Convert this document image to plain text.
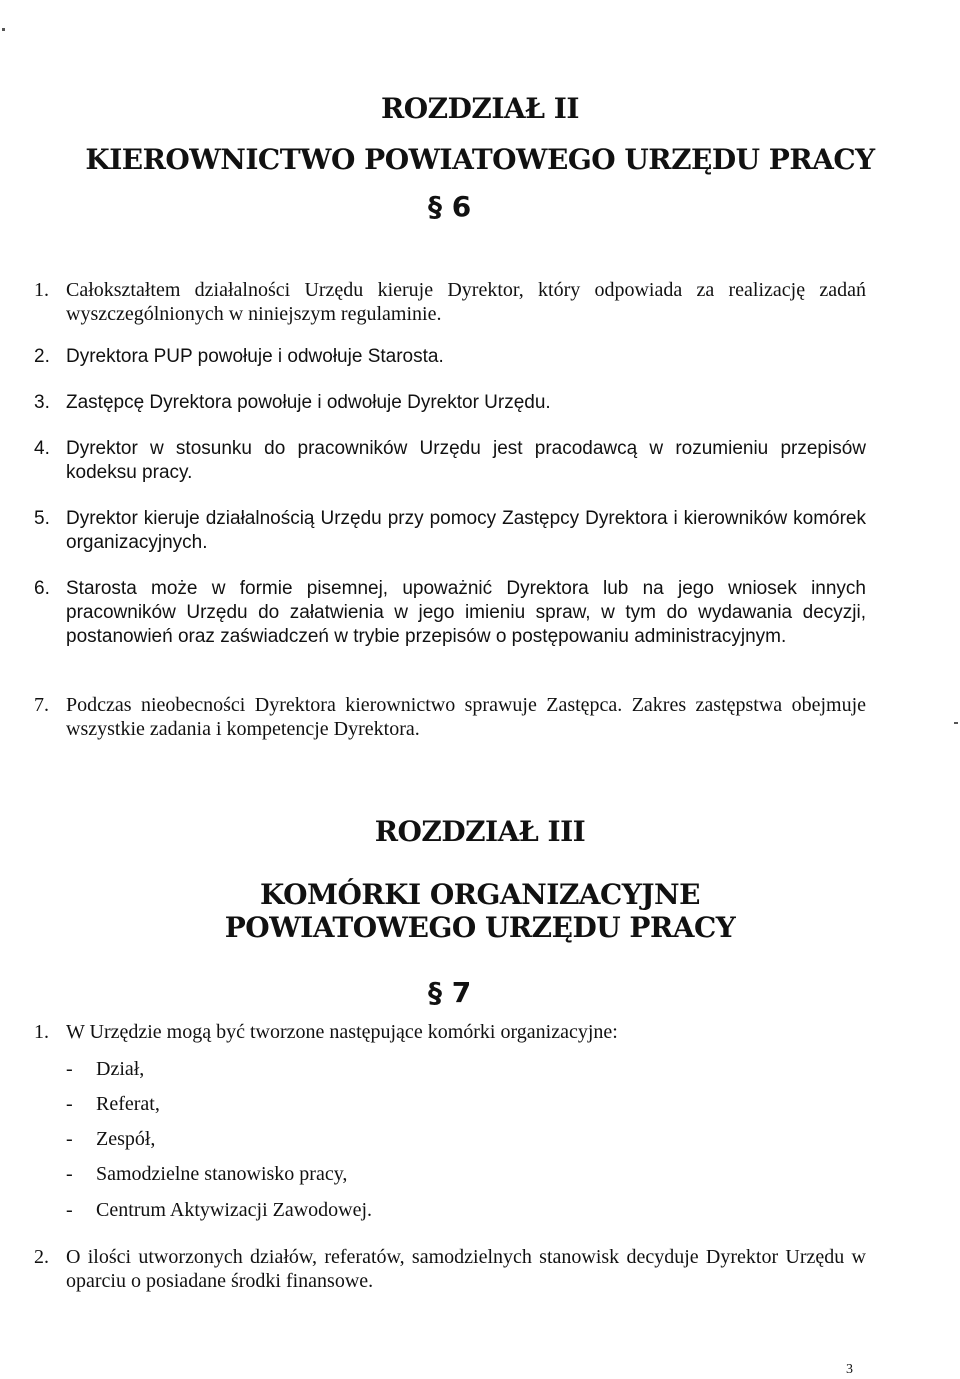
ROZDZIAŁ II
KIEROWNICTWO POWIATOWEGO URZĘDU PRACY
§ 6
1. Całokształtem działalności Urzędu kieruje Dyrektor, który odpowiada za realizację zadań wyszczególnionych w niniejszym regulaminie.
2. Dyrektora PUP powołuje i odwołuje Starosta.
3. Zastępcę Dyrektora powołuje i odwołuje Dyrektor Urzędu.
4. Dyrektor w stosunku do pracowników Urzędu jest pracodawcą w rozumieniu przepisów kodeksu pracy.
5. Dyrektor kieruje działalnością Urzędu przy pomocy Zastępcy Dyrektora i kierowników komórek organizacyjnych.
6. Starosta może w formie pisemnej, upoważnić Dyrektora lub na jego wniosek innych pracowników Urzędu do załatwienia w jego imieniu spraw, w tym do wydawania decyzji, postanowień oraz zaświadczeń w trybie przepisów o postępowaniu administracyjnym.
7. Podczas nieobecności Dyrektora kierownictwo sprawuje Zastępca. Zakres zastępstwa obejmuje wszystkie zadania i kompetencje Dyrektora.
ROZDZIAŁ III
KOMÓRKI ORGANIZACYJNE
POWIATOWEGO URZĘDU PRACY
§ 7
1. W Urzędzie mogą być tworzone następujące komórki organizacyjne:
- Dział,
- Referat,
- Zespół,
- Samodzielne stanowisko pracy,
- Centrum Aktywizacji Zawodowej.
2. O ilości utworzonych działów, referatów, samodzielnych stanowisk decyduje Dyrektor Urzędu w oparciu o posiadane środki finansowe.
3
